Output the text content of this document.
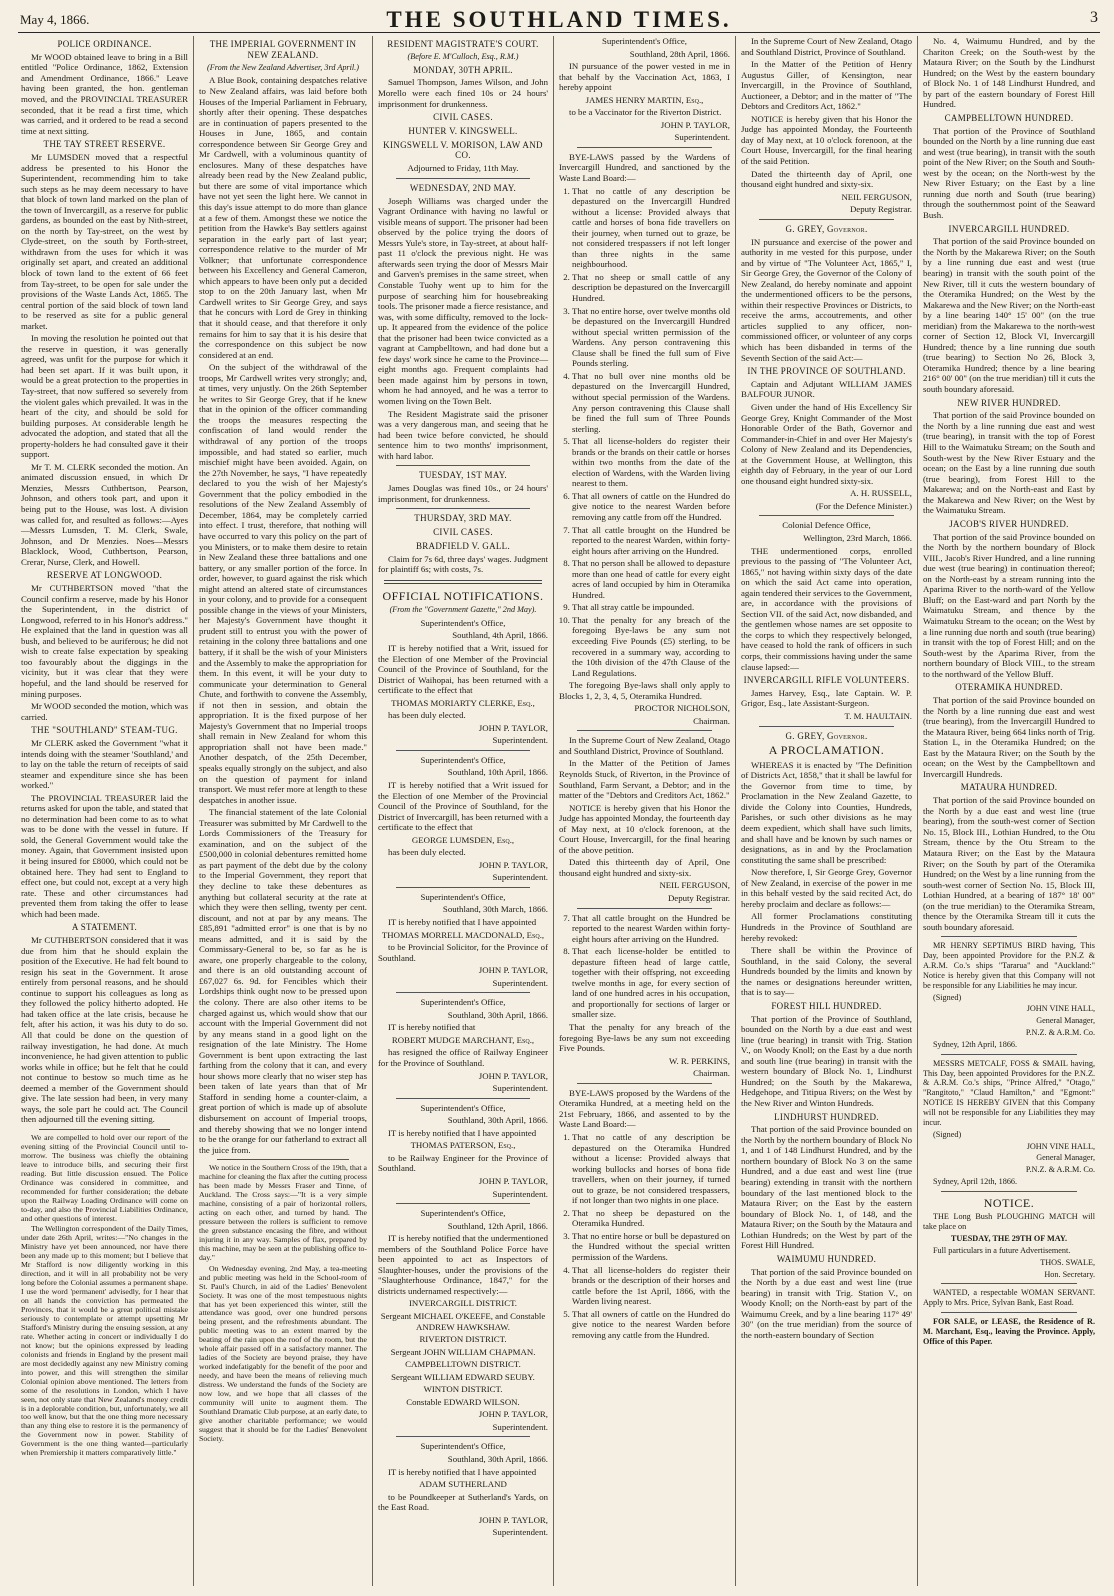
May 4, 1866.	THE SOUTHLAND TIMES.	3
POLICE ORDINANCE.

Mr WOOD obtained leave to bring in a Bill entitled "Police Ordinance, 1862, Extension and Amendment Ordinance, 1866." Leave having been granted, the hon. gentleman moved, and the PROVINCIAL TREASURER seconded, that it be read a first time, which was carried, and it ordered to be read a second time at next sitting.

THE TAY STREET RESERVE.

Mr LUMSDEN moved that a respectful address be presented to his Honor the Superintendent, recommending him to take such steps as he may deem necessary to have that block of town land marked on the plan of the town of Invercargill, as a reserve for public gardens, as bounded on the east by Nith-street, on the north by Tay-street, on the west by Clyde-street, on the south by Forth-street, withdrawn from the uses for which it was originally set apart, and created an additional block of town land to the extent of 66 feet from Tay-street, to be open for sale under the provisions of the Waste Lands Act, 1865. The central portion of the said block of town land to be reserved as site for a public general market.

In moving the resolution he pointed out that the reserve in question, it was generally agreed, was unfit for the purpose for which it had been set apart. If it was built upon, it would be a great protection to the properties in Tay-street, that now suffered so severely from the violent gales which prevailed. It was in the heart of the city, and should be sold for building purposes. At considerable length he advocated the adoption, and stated that all the property-holders he had consulted gave it their support.

Mr T. M. CLERK seconded the motion. An animated discussion ensued, in which Dr Menzies, Messrs Cuthbertson, Pearson, Johnson, and others took part, and upon it being put to the House, was lost. A division was called for, and resulted as follows:—Ayes—Messrs Lumsden, T. M. Clerk, Swale, Johnson, and Dr Menzies. Noes—Messrs Blacklock, Wood, Cuthbertson, Pearson, Crerar, Nurse, Clerk, and Howell.

RESERVE AT LONGWOOD.

Mr CUTHBERTSON moved "that the Council confirm a reserve, made by his Honor the Superintendent, in the district of Longwood, referred to in his Honor's address." He explained that the land in question was all bush, and believed to be auriferous; he did not wish to create false expectation by speaking too favourably about the diggings in the vicinity, but it was clear that they were hopeful, and the land should be reserved for mining purposes.

Mr WOOD seconded the motion, which was carried.

THE "SOUTHLAND" STEAM-TUG.

Mr CLERK asked the Government "what it intends doing with the steamer 'Southland,' and to lay on the table the return of receipts of said steamer and expenditure since she has been worked."

The PROVINCIAL TREASURER laid the returns asked for upon the table, and stated that no determination had been come to as to what was to be done with the vessel in future. If sold, the General Government would take the money. Again, that Government insisted upon it being insured for £8000, which could not be obtained here. They had sent to England to effect one, but could not, except at a very high rate. These and other circumstances had prevented them from taking the offer to lease which had been made.

A STATEMENT.

Mr CUTHBERTSON considered that it was due from him that he should explain the position of the Executive. He had felt bound to resign his seat in the Government. It arose entirely from personal reasons, and he should continue to support his colleagues as long as they followed the policy hitherto adopted. He had taken office at the late crisis, because he felt, after his action, it was his duty to do so. All that could be done on the question of railway investigation, he had done. At much inconvenience, he had given attention to public works while in office; but he felt that he could not continue to bestow so much time as he deemed a member of the Government should give. The late session had been, in very many ways, the sole part he could act. The Council then adjourned till the evening sitting.

We are compelled to hold over our report of the evening sitting of the Provincial Council until to-morrow. The business was chiefly the obtaining leave to introduce bills, and securing their first reading. But little discussion ensued. The Police Ordinance was considered in committee, and recommended for further consideration; the debate upon the Railway Loading Ordinance will come on to-day, and also the Provincial Liabilities Ordinance, and other questions of interest.

The Wellington correspondent of the Daily Times, under date 26th April, writes:—"No changes in the Ministry have yet been announced, nor have there been any made up to this moment; but I believe that Mr Stafford is now diligently working in this direction, and it will in all probability not be very long before the Colonial assumes a permanent shape. I use the word 'permanent' advisedly, for I hear that on all hands the conviction has permeated the Provinces, that it would be a great political mistake seriously to contemplate or attempt upsetting Mr Stafford's Ministry during the ensuing session, at any rate. Whether acting in concert or individually I do not know; but the opinions expressed by leading colonists and friends in England by the present mail are most decidedly against any new Ministry coming into power, and this will strengthen the similar Colonial opinion above mentioned. The letters from some of the resolutions in London, which I have seen, not only state that New Zealand's money credit is in a deplorable condition, but, unfortunately, we all too well know, but that the one thing more necessary than any thing else to restore it is the permanency of the Government now in power. Stability of Government is the one thing wanted—particularly when Premiership it matters comparatively little."

THE IMPERIAL GOVERNMENT IN NEW ZEALAND.
(From the New Zealand Advertiser, 3rd April.)

A Blue Book, containing despatches relative to New Zealand affairs, was laid before both Houses of the Imperial Parliament in February, shortly after their opening. These despatches are in continuation of papers presented to the Houses in June, 1865, and contain correspondence between Sir George Grey and Mr Cardwell, with a voluminous quantity of enclosures. Many of these despatches have already been read by the New Zealand public, but there are some of vital importance which have not yet seen the light here. We cannot in this day's issue attempt to do more than glance at a few of them. Amongst these we notice the petition from the Hawke's Bay settlers against separation in the early part of last year; correspondence relative to the murder of Mr Volkner; that unfortunate correspondence between his Excellency and General Cameron, which appears to have been only put a decided stop to on the 20th January last, when Mr Cardwell writes to Sir George Grey, and says that he concurs with Lord de Grey in thinking that it should cease, and that therefore it only remains for him to say that it is his desire that the correspondence on this subject be now considered at an end.

On the subject of the withdrawal of the troops, Mr Cardwell writes very strongly; and, at times, very unjustly. On the 26th September he writes to Sir George Grey, that if he knew that in the opinion of the officer commanding the troops the measures respecting the confiscation of land would render the withdrawal of any portion of the troops impossible, and had stated so earlier, much mischief might have been avoided. Again, on the 27th November, he says, "I have repeatedly declared to you the wish of her Majesty's Government that the policy embodied in the resolutions of the New Zealand Assembly of December, 1864, may be completely carried into effect. I trust, therefore, that nothing will have occurred to vary this policy on the part of you Ministers, or to make them desire to retain in New Zealand these three battalions and one battery, or any smaller portion of the force. In order, however, to guard against the risk which might attend an altered state of circumstances in your colony, and to provide for a consequent possible change in the views of your Ministers, her Majesty's Government have thought it prudent still to entrust you with the power of retaining in the colony three battalions and one battery, if it shall be the wish of your Ministers and the Assembly to make the appropriation for them. In this event, it will be your duty to communicate your determination to General Chute, and forthwith to convene the Assembly, if not then in session, and obtain the appropriation. It is the fixed purpose of her Majesty's Government that no Imperial troops shall remain in New Zealand for whom this appropriation shall not have been made." Another despatch, of the 25th December, speaks equally strongly on the subject, and also on the question of payment for inland transport. We must refer more at length to these despatches in another issue.

The financial statement of the late Colonial Treasurer was submitted by Mr Cardwell to the Lords Commissioners of the Treasury for examination, and on the subject of the £500,000 in colonial debentures remitted home as part payment of the debt due by the colony to the Imperial Government, they report that they decline to take these debentures as anything but collateral security at the rate at which they were then selling, twenty per cent. discount, and not at par by any means. The £85,891 "admitted error" is one that is by no means admitted, and it is said by the Commissary-General to be, so far as he is aware, one properly chargeable to the colony, and there is an old outstanding account of £67,027 6s. 9d. for Fencibles which their Lordships think ought now to be pressed upon the colony. There are also other items to be charged against us, which would show that our account with the Imperial Government did not by any means stand in a good light on the resignation of the late Ministry. The Home Government is bent upon extracting the last farthing from the colony that it can, and every hour shows more clearly that no wiser step has been taken of late years than that of Mr Stafford in sending home a counter-claim, a great portion of which is made up of absolute disbursement on account of Imperial troops, and thereby showing that we no longer intend to be the orange for our fatherland to extract all the juice from.

We notice in the Southern Cross of the 19th, that a machine for cleaning the flax after the cutting process has been made by Messrs Fraser and Tinne, of Auckland. The Cross says:—"It is a very simple machine, consisting of a pair of horizontal rollers, acting on each other, and turned by hand. The pressure between the rollers is sufficient to remove the green substance encasing the fibre, and without injuring it in any way. Samples of flax, prepared by this machine, may be seen at the publishing office to-day."

On Wednesday evening, 2nd May, a tea-meeting and public meeting was held in the School-room of St. Paul's Church, in aid of the Ladies' Benevolent Society. It was one of the most tempestuous nights that has yet been experienced this winter, still the attendance was good, over one hundred persons being present, and the refreshments abundant. The public meeting was to an extent marred by the beating of the rain upon the roof of the room, but the whole affair passed off in a satisfactory manner. The ladies of the Society are beyond praise, they have worked indefatigably for the benefit of the poor and needy, and have been the means of relieving much distress. We understand the funds of the Society are now low, and we hope that all classes of the community will unite to augment them. The Southland Dramatic Club purpose, at an early date, to give another charitable performance; we would suggest that it should be for the Ladies' Benevolent Society.

RESIDENT MAGISTRATE'S COURT.
(Before E. M'Culloch, Esq., R.M.)
MONDAY, 30TH APRIL.

Samuel Thompson, James Wilson, and John Morello were each fined 10s or 24 hours' imprisonment for drunkenness.

CIVIL CASES.
HUNTER V. KINGSWELL.
KINGSWELL V. MORISON, LAW AND CO.

Adjourned to Friday, 11th May.

WEDNESDAY, 2ND MAY.

Joseph Williams was charged under the Vagrant Ordinance with having no lawful or visible means of support. The prisoner had been observed by the police trying the doors of Messrs Yule's store, in Tay-street, at about half-past 11 o'clock the previous night. He was afterwards seen trying the door of Messrs Mair and Garven's premises in the same street, when Constable Tuohy went up to him for the purpose of searching him for housebreaking tools. The prisoner made a fierce resistance, and was, with some difficulty, removed to the lock-up. It appeared from the evidence of the police that the prisoner had been twice convicted as a vagrant at Campbelltown, and had done but a few days' work since he came to the Province—eight months ago. Frequent complaints had been made against him by persons in town, whom he had annoyed, and he was a terror to women living on the Town Belt.

The Resident Magistrate said the prisoner was a very dangerous man, and seeing that he had been twice before convicted, he should sentence him to two months' imprisonment, with hard labor.

TUESDAY, 1ST MAY.

James Douglas was fined 10s., or 24 hours' imprisonment, for drunkenness.

THURSDAY, 3RD MAY.
CIVIL CASES.
BRADFIELD V. GALL.

Claim for 7s 6d, three days' wages. Judgment for plaintiff 6s; with costs, 7s.

OFFICIAL NOTIFICATIONS.
(From the "Government Gazette," 2nd May).

Superintendent's Office,

Southland, 4th April, 1866.

IT is hereby notified that a Writ, issued for the Election of one Member of the Provincial Council of the Province of Southland, for the District of Waihopai, has been returned with a certificate to the effect that

THOMAS MORIARTY CLERKE, Esq.,

has been duly elected.

JOHN P. TAYLOR,

Superintendent.

Superintendent's Office,

Southland, 10th April, 1866.

IT is hereby notified that a Writ issued for the Election of one Member of the Provincial Council of the Province of Southland, for the District of Invercargill, has been returned with a certificate to the effect that

GEORGE LUMSDEN, Esq.,

has been duly elected.

JOHN P. TAYLOR,

Superintendent.

Superintendent's Office,

Southland, 30th March, 1866.

IT is hereby notified that I have appointed

THOMAS MORRELL MACDONALD, Esq.,

to be Provincial Solicitor, for the Province of Southland.

JOHN P. TAYLOR,

Superintendent.

Superintendent's Office,

Southland, 30th April, 1866.

IT is hereby notified that

ROBERT MUDGE MARCHANT, Esq.,

has resigned the office of Railway Engineer for the Province of Southland.

JOHN P. TAYLOR,

Superintendent.

Superintendent's Office,

Southland, 30th April, 1866.

IT is hereby notified that I have appointed

THOMAS PATERSON, Esq.,

to be Railway Engineer for the Province of Southland.

JOHN P. TAYLOR,

Superintendent.

Superintendent's Office,

Southland, 12th April, 1866.

IT is hereby notified that the undermentioned members of the Southland Police Force have been appointed to act as Inspectors of Slaughter-houses, under the provisions of the "Slaughterhouse Ordinance, 1847," for the districts undernamed respectively:—

INVERCARGILL DISTRICT.

Sergeant MICHAEL O'KEEFE, and Constable ANDREW HAWKSHAW.

RIVERTON DISTRICT.

Sergeant JOHN WILLIAM CHAPMAN.

CAMPBELLTOWN DISTRICT.

Sergeant WILLIAM EDWARD SEUBY.

WINTON DISTRICT.

Constable EDWARD WILSON.

JOHN P. TAYLOR,

Superintendent.

Superintendent's Office,

Southland, 30th April, 1866.

IT is hereby notified that I have appointed

ADAM SUTHERLAND

to be Poundkeeper at Sutherland's Yards, on the East Road.

JOHN P. TAYLOR,

Superintendent.

Superintendent's Office,

Southland, 28th April, 1866.

IN pursuance of the power vested in me in that behalf by the Vaccination Act, 1863, I hereby appoint

JAMES HENRY MARTIN, Esq.,

to be a Vaccinator for the Riverton District.

JOHN P. TAYLOR,

Superintendent.

BYE-LAWS passed by the Wardens of Invercargill Hundred, and sanctioned by the Waste Land Board:—

1. That no cattle of any description be depastured on the Invercargill Hundred without a license: Provided always that cattle and horses of bona fide travellers on their journey, when turned out to graze, be not considered trespassers if not left longer than three nights in the same neighbourhood.
2. That no sheep or small cattle of any description be depastured on the Invercargill Hundred.
3. That no entire horse, over twelve months old be depastured on the Invercargill Hundred without special written permission of the Wardens. Any person contravening this Clause shall be fined the full sum of Five Pounds sterling.
4. That no bull over nine months old be depastured on the Invercargill Hundred, without special permission of the Wardens. Any person contravening this Clause shall be fined the full sum of Three Pounds sterling.
5. That all license-holders do register their brands or the brands on their cattle or horses within two months from the date of the election of Wardens, with the Warden living nearest to them.
6. That all owners of cattle on the Hundred do give notice to the nearest Warden before removing any cattle from off the Hundred.
7. That all cattle brought on the Hundred be reported to the nearest Warden, within forty-eight hours after arriving on the Hundred.
8. That no person shall be allowed to depasture more than one head of cattle for every eight acres of land occupied by him in Oteramika Hundred.
9. That all stray cattle be impounded.
10. That the penalty for any breach of the foregoing Bye-laws be any sum not exceeding Five Pounds (£5) sterling, to be recovered in a summary way, according to the 10th division of the 47th Clause of the Land Regulations.

The foregoing Bye-laws shall only apply to Blocks 1, 2, 3, 4, 5, Oteramika Hundred.

PROCTOR NICHOLSON,

Chairman.

In the Supreme Court of New Zealand, Otago and Southland District, Province of Southland.

In the Matter of the Petition of James Reynolds Stuck, of Riverton, in the Province of Southland, Farm Servant, a Debtor; and in the matter of the "Debtors and Creditors Act, 1862."

NOTICE is hereby given that his Honor the Judge has appointed Monday, the fourteenth day of May next, at 10 o'clock forenoon, at the Court House, Invercargill, for the final hearing of the above petition.

Dated this thirteenth day of April, One thousand eight hundred and sixty-six.

NEIL FERGUSON,

Deputy Registrar.

7. That all cattle brought on the Hundred be reported to the nearest Warden within forty-eight hours after arriving on the Hundred.
8. That each license-holder be entitled to depasture fifteen head of large cattle, together with their offspring, not exceeding twelve months in age, for every section of land of one hundred acres in his occupation, and proportionally for sections of larger or smaller size.

That the penalty for any breach of the foregoing Bye-laws be any sum not exceeding Five Pounds.

W. R. PERKINS,

Chairman.

BYE-LAWS proposed by the Wardens of the Oteramika Hundred, at a meeting held on the 21st February, 1866, and assented to by the Waste Land Board:—

1. That no cattle of any description be depastured on the Oteramika Hundred without a license: Provided always that working bullocks and horses of bona fide travellers, when on their journey, if turned out to graze, be not considered trespassers, if not longer than two nights in one place.
2. That no sheep be depastured on the Oteramika Hundred.
3. That no entire horse or bull be depastured on the Hundred without the special written permission of the Wardens.
4. That all license-holders do register their brands or the description of their horses and cattle before the 1st April, 1866, with the Warden living nearest.
5. That all owners of cattle on the Hundred do give notice to the nearest Warden before removing any cattle from the Hundred.

In the Supreme Court of New Zealand, Otago and Southland District, Province of Southland.

In the Matter of the Petition of Henry Augustus Giller, of Kensington, near Invercargill, in the Province of Southland, Auctioneer, a Debtor; and in the matter of "The Debtors and Creditors Act, 1862."

NOTICE is hereby given that his Honor the Judge has appointed Monday, the Fourteenth day of May next, at 10 o'clock forenoon, at the Court House, Invercargill, for the final hearing of the said Petition.

Dated the thirteenth day of April, one thousand eight hundred and sixty-six.

NEIL FERGUSON,

Deputy Registrar.

G. GREY, Governor.

IN pursuance and exercise of the power and authority in me vested for this purpose, under and by virtue of "The Volunteer Act, 1865," I, Sir George Grey, the Governor of the Colony of New Zealand, do hereby nominate and appoint the undermentioned officers to be the persons, within their respective Provinces or Districts, to receive the arms, accoutrements, and other articles supplied to any officer, non-commissioned officer, or volunteer of any corps which has been disbanded in terms of the Seventh Section of the said Act:—

IN THE PROVINCE OF SOUTHLAND.

Captain and Adjutant WILLIAM JAMES BALFOUR JUNOR.

Given under the hand of His Excellency Sir George Grey, Knight Commander of the Most Honorable Order of the Bath, Governor and Commander-in-Chief in and over Her Majesty's Colony of New Zealand and its Dependencies, at the Government House, at Wellington, this eighth day of February, in the year of our Lord one thousand eight hundred sixty-six.

A. H. RUSSELL,

(For the Defence Minister.)

Colonial Defence Office,

Wellington, 23rd March, 1866.

THE undermentioned corps, enrolled previous to the passing of "The Volunteer Act, 1865," not having within sixty days of the date on which the said Act came into operation, again tendered their services to the Government, are, in accordance with the provisions of Section VII. of the said Act, now disbanded, and the gentlemen whose names are set opposite to the corps to which they respectively belonged, have ceased to hold the rank of officers in such corps, their commissions having under the same clause lapsed:—

INVERCARGILL RIFLE VOLUNTEERS.

James Harvey, Esq., late Captain. W. P. Grigor, Esq., late Assistant-Surgeon.

T. M. HAULTAIN.

G. GREY, Governor.
A PROCLAMATION.

WHEREAS it is enacted by "The Definition of Districts Act, 1858," that it shall be lawful for the Governor from time to time, by Proclamation in the New Zealand Gazette, to divide the Colony into Counties, Hundreds, Parishes, or such other divisions as he may deem expedient, which shall have such limits, and shall have and be known by such names or designations, as in and by the Proclamation constituting the same shall be prescribed:

Now therefore, I, Sir George Grey, Governor of New Zealand, in exercise of the power in me in this behalf vested by the said recited Act, do hereby proclaim and declare as follows:—

All former Proclamations constituting Hundreds in the Province of Southland are hereby revoked:

There shall be within the Province of Southland, in the said Colony, the several Hundreds bounded by the limits and known by the names or designations hereunder written, that is to say—

FOREST HILL HUNDRED.

That portion of the Province of Southland, bounded on the North by a due east and west line (true bearing) in transit with Trig. Station V., on Woody Knoll; on the East by a due north and south line (true bearing) in transit with the western boundary of Block No. 1, Lindhurst Hundred; on the South by the Makarewa, Hedgehope, and Titipua Rivers; on the West by the New River and Winton Hundreds.

LINDHURST HUNDRED.

That portion of the said Province bounded on the North by the northern boundary of Block No 1, and 1 of 148 Lindhurst Hundred, and by the northern boundary of Block No 3 on the same Hundred, and a due east and west line (true bearing) extending in transit with the northern boundary of the last mentioned block to the Mataura River; on the East by the eastern boundary of Block No. 1, of 148, and the Mataura River; on the South by the Mataura and Lothian Hundreds; on the West by part of the Forest Hill Hundred.

WAIMUMU HUNDRED.

That portion of the said Province bounded on the North by a due east and west line (true bearing) in transit with Trig. Station V., on Woody Knoll; on the North-east by part of the Waimumu Creek, and by a line bearing 117° 49' 30" (on the true meridian) from the source of the north-eastern boundary of Section

No. 4, Waimumu Hundred, and by the Chariton Creek; on the South-west by the Mataura River; on the South by the Lindhurst Hundred; on the West by the eastern boundary of Block No. 1 of 148 Lindhurst Hundred, and by part of the eastern boundary of Forest Hill Hundred.

CAMPBELLTOWN HUNDRED.

That portion of the Province of Southland bounded on the North by a line running due east and west (true bearing), in transit with the south point of the New River; on the South and South-west by the ocean; on the North-west by the New River Estuary; on the East by a line running due north and South (true bearing) through the southernmost point of the Seaward Bush.

INVERCARGILL HUNDRED.

That portion of the said Province bounded on the North by the Makarewa River; on the South by a line running due east and west (true bearing) in transit with the south point of the New River, till it cuts the western boundary of the Oteramika Hundred; on the West by the Makarewa and the New River; on the North-east by a line bearing 140° 15' 00" (on the true meridian) from the Makarewa to the north-west corner of Section 12, Block VI, Invercargill Hundred; thence by a line running due south (true bearing) to Section No 26, Block 3, Oteramika Hundred; thence by a line bearing 216° 00' 00" (on the true meridian) till it cuts the south boundary aforesaid.

NEW RIVER HUNDRED.

That portion of the said Province bounded on the North by a line running due east and west (true bearing), in transit with the top of Forest Hill to the Waimatuku Stream; on the South and South-west by the New River Estuary and the ocean; on the East by a line running due south (true bearing), from Forest Hill to the Makarewa; and on the North-east and East by the Makarewa and New River; on the West by the Waimatuku Stream.

JACOB'S RIVER HUNDRED.

That portion of the said Province bounded on the North by the northern boundary of Block VIII., Jacob's River Hundred, and a line running due west (true bearing) in continuation thereof; on the North-east by a stream running into the Aparima River to the north-ward of the Yellow Bluff; on the East-ward and part North by the Waimatuku Stream, and thence by the Waimatuku Stream to the ocean; on the West by a line running due north and south (true bearing) in transit with the top of Forest Hill; and on the South-west by the Aparima River, from the northern boundary of Block VIII., to the stream to the northward of the Yellow Bluff.

OTERAMIKA HUNDRED.

That portion of the said Province bounded on the North by a line running due east and west (true bearing), from the Invercargill Hundred to the Mataura River, being 664 links north of Trig. Station L, in the Oteramika Hundred; on the East by the Mataura River; on the South by the ocean; on the West by the Campbelltown and Invercargill Hundreds.

MATAURA HUNDRED.

That portion of the said Province bounded on the North by a due east and west line (true bearing), from the south-west corner of Section No. 15, Block III., Lothian Hundred, to the Otu Stream, thence by the Otu Stream to the Mataura River; on the East by the Mataura River; on the South by part of the Oteramika Hundred; on the West by a line running from the south-west corner of Section No. 15, Block III, Lothian Hundred, at a bearing of 187° 18' 00" (on the true meridian) to the Oteramika Stream, thence by the Oteramika Stream till it cuts the south boundary aforesaid.

MR HENRY SEPTIMUS BIRD having, This Day, been appointed Providore for the P.N.Z & A.R.M. Co.'s ships "Tararua" and "Auckland:" Notice is hereby given that this Company will not be responsible for any Liabilities he may incur.

(Signed)

JOHN VINE HALL,

General Manager,

P.N.Z. & A.R.M. Co.

Sydney, 12th April, 1866.

MESSRS METCALF, FOSS & SMAIL having, This Day, been appointed Providores for the P.N.Z. & A.R.M. Co.'s ships, "Prince Alfred," "Otago," "Rangitoto," "Claud Hamilton," and "Egmont:" NOTICE IS HEREBY GIVEN that this Company will not be responsible for any Liabilities they may incur.

(Signed)

JOHN VINE HALL,

General Manager,

P.N.Z. & A.R.M. Co.

Sydney, April 12th, 1866.

NOTICE.

THE Long Bush PLOUGHING MATCH will take place on

TUESDAY, THE 29TH OF MAY.

Full particulars in a future Advertisement.

THOS. SWALE,

Hon. Secretary.

WANTED, a respectable WOMAN SERVANT. Apply to Mrs. Price, Sylvan Bank, East Road.

FOR SALE, or LEASE, the Residence of R. M. Marchant, Esq., leaving the Province. Apply, Office of this Paper.
